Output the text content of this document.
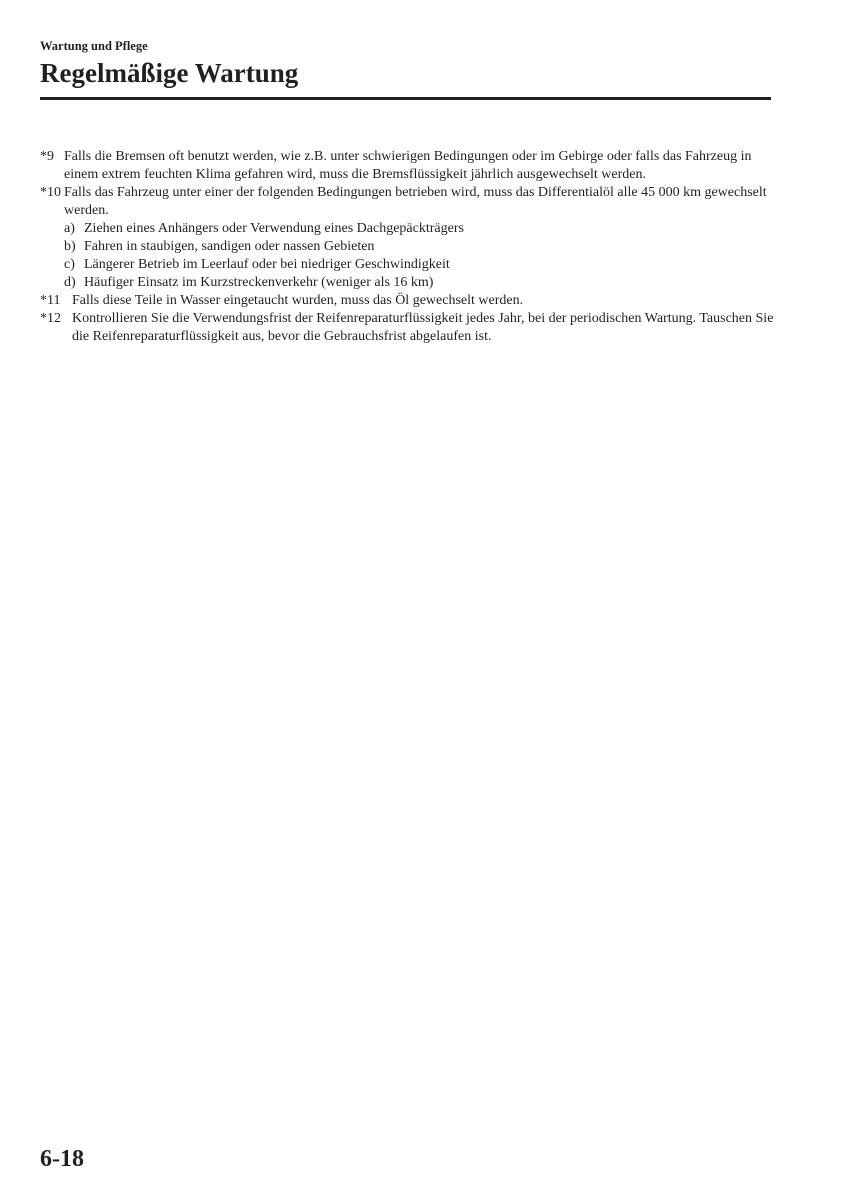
Wartung und Pflege
Regelmäßige Wartung
*9 Falls die Bremsen oft benutzt werden, wie z.B. unter schwierigen Bedingungen oder im Gebirge oder falls das Fahrzeug in einem extrem feuchten Klima gefahren wird, muss die Bremsflüssigkeit jährlich ausgewechselt werden.
*10 Falls das Fahrzeug unter einer der folgenden Bedingungen betrieben wird, muss das Differentialöl alle 45 000 km gewechselt werden.
a) Ziehen eines Anhängers oder Verwendung eines Dachgepäckträgers
b) Fahren in staubigen, sandigen oder nassen Gebieten
c) Längerer Betrieb im Leerlauf oder bei niedriger Geschwindigkeit
d) Häufiger Einsatz im Kurzstreckenverkehr (weniger als 16 km)
*11 Falls diese Teile in Wasser eingetaucht wurden, muss das Öl gewechselt werden.
*12 Kontrollieren Sie die Verwendungsfrist der Reifenreparaturflüssigkeit jedes Jahr, bei der periodischen Wartung. Tauschen Sie die Reifenreparaturflüssigkeit aus, bevor die Gebrauchsfrist abgelaufen ist.
6-18
